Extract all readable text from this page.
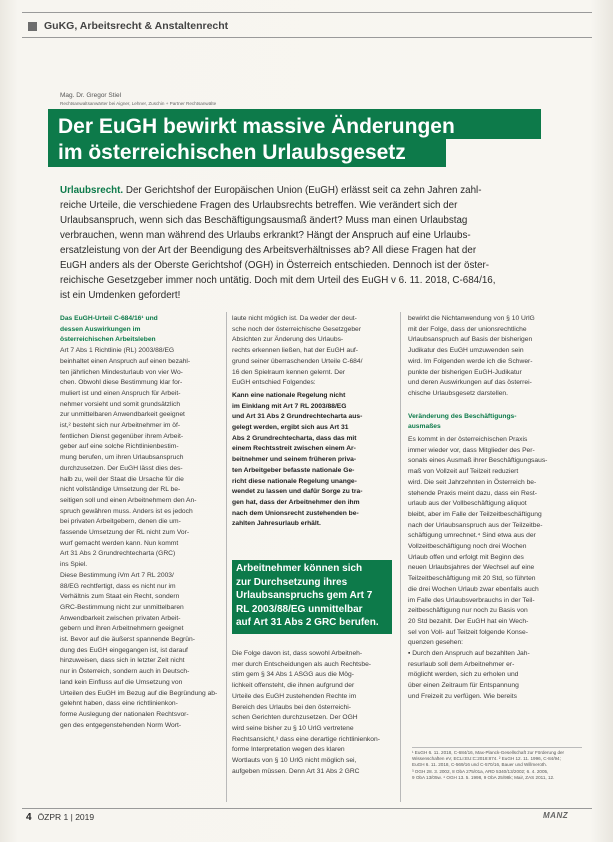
GuKG, Arbeitsrecht & Anstaltenrecht
Mag. Dr. Gregor Stiel
Rechtsanwaltsanwärter bei Aigner, Lehner, Zuschin + Partner Rechtsanwälte
Der EuGH bewirkt massive Änderungen
im österreichischen Urlaubsgesetz
Urlaubsrecht. Der Gerichtshof der Europäischen Union (EuGH) erlässt seit ca zehn Jahren zahl-
reiche Urteile, die verschiedene Fragen des Urlaubsrechts betreffen. Wie verändert sich der
Urlaubsanspruch, wenn sich das Beschäftigungsausmaß ändert? Muss man einen Urlaubstag
verbrauchen, wenn man während des Urlaubs erkrankt? Hängt der Anspruch auf eine Urlaubs-
ersatzleistung von der Art der Beendigung des Arbeitsverhältnisses ab? All diese Fragen hat der
EuGH anders als der Oberste Gerichtshof (OGH) in Österreich entschieden. Dennoch ist der öster-
reichische Gesetzgeber immer noch untätig. Doch mit dem Urteil des EuGH v 6. 11. 2018, C-684/16,
ist ein Umdenken gefordert!
Das EuGH-Urteil C-684/16¹ und
dessen Auswirkungen im
österreichischen Arbeitsleben
Art 7 Abs 1 Richtlinie (RL) 2003/88/EG
beinhaltet einen Anspruch auf einen bezahl-
ten jährlichen Mindesturlaub von vier Wo-
chen. Obwohl diese Bestimmung klar for-
muliert ist und einen Anspruch für Arbeit-
nehmer vorsieht und somit grundsätzlich
zur unmittelbaren Anwendbarkeit geeignet
ist,² besteht sich nur Arbeitnehmer im öf-
fentlichen Dienst gegenüber ihrem Arbeit-
geber auf eine solche Richtlinienbestim-
mung berufen, um ihren Urlaubsanspruch
durchzusetzen. Der EuGH lässt dies des-
halb zu, weil der Staat die Ursache für die
nicht vollständige Umsetzung der RL be-
seitigen soll und einen Arbeitnehmern den An-
spruch gewähren muss. Anders ist es jedoch
bei privaten Arbeitgebern, denen die um-
fassende Umsetzung der RL nicht zum Vor-
wurf gemacht werden kann. Nun kommt
Art 31 Abs 2 Grundrechtecharta (GRC)
ins Spiel.
Diese Bestimmung iVm Art 7 RL 2003/
88/EG rechtfertigt, dass es nicht nur im
Verhältnis zum Staat ein Recht, sondern
GRC-Bestimmung nicht zur unmittelbaren
Anwendbarkeit zwischen privaten Arbeit-
gebern und ihren Arbeitnehmern geeignet
ist. Bevor auf die äußerst spannende Begrün-
dung des EuGH eingegangen ist, ist darauf
hinzuweisen, dass sich in letzter Zeit nicht
nur in Österreich, sondern auch in Deutsch-
land kein Einfluss auf die Umsetzung von
Urteilen des EuGH im Bezug auf die Begründung ab-
gelehnt haben, dass eine richtlinienkon-
forme Auslegung der nationalen Rechtsvor-
gen des entgegenstehenden Norm Wort-
laute nicht möglich ist. Da weder der deut-
sche noch der österreichische Gesetzgeber
Absichten zur Änderung des Urlaubs-
rechts erkennen ließen, hat der EuGH auf-
grund seiner überraschenden Urteile C-684/
16 den Spielraum kennen gelernt. Der
EuGH entschied Folgendes:
Kann eine nationale Regelung nicht
im Einklang mit Art 7 RL 2003/88/EG
und Art 31 Abs 2 Grundrechtecharta aus-
gelegt werden, ergibt sich aus Art 31
Abs 2 Grundrechtecharta, dass das mit
einem Rechtsstreit zwischen einem Ar-
beitnehmer und seinem früheren priva-
ten Arbeitgeber befasste nationale Ge-
richt diese nationale Regelung unange-
wendet zu lassen und dafür Sorge zu tra-
gen hat, dass der Arbeitnehmer den ihm
nach dem Unionsrecht zustehenden be-
zahlten Jahresurlaub erhält.
Die Folge davon ist, dass sowohl Arbeitneh-
mer durch Entscheidungen als auch Rechtsbe-
stim gem § 34 Abs 1 ASGG aus die Mög-
lichkeit offensteht, die ihnen aufgrund der
Urteile des EuGH zustehenden Rechte im
Bereich des Urlaubs bei den österreichi-
schen Gerichten durchzusetzen. Der OGH
wird seine bisher zu § 10 UrlG vertretene
Rechtsansicht,³ dass eine derartige richtlinienkon-
forme Interpretation wegen des klaren
Wortlauts von § 10 UrlG nicht möglich sei,
aufgeben müssen. Denn Art 31 Abs 2 GRC
bewirkt die Nichtanwendung von § 10 UrlG
mit der Folge, dass der unionsrechtliche
Urlaubsanspruch auf Basis der bisherigen
Judikatur des EuGH umzuwenden sein
wird. Im Folgenden werde ich die Schwer-
punkte der bisherigen EuGH-Judikatur
und deren Auswirkungen auf das österrei-
chische Urlaubsgesetz darstellen.
Veränderung des Beschäftigungs-
ausmaßes
Es kommt in der österreichischen Praxis
immer wieder vor, dass Mitglieder des Per-
sonals eines Ausmaß ihrer Beschäftigungsaus-
maß von Vollzeit auf Teilzeit reduziert
wird. Die seit Jahrzehnten in Österreich be-
stehende Praxis meint dazu, dass ein Rest-
urlaub aus der Vollbeschäftigung aliquot
bleibt, aber im Falle der Teilzeitbeschäftigung
nach der Urlaubsanspruch aus der Teilzeitbe-
schäftigung umrechnet.⁴ Sind etwa aus der
Vollzeitbeschäftigung noch drei Wochen
Urlaub offen und erfolgt mit Beginn des
neuen Urlaubsjahres der Wechsel auf eine
Teilzeitbeschäftigung mit 20 Std, so führten
die drei Wochen Urlaub zwar ebenfalls auch
im Falle des Urlaubsverbrauchs in der Teil-
zeitbeschäftigung nur noch zu Basis von
20 Std bezahlt. Der EuGH hat ein Wech-
sel von Voll- auf Teilzeit folgende Konse-
quenzen gesehen:
▪ Durch den Anspruch auf bezahlten Jah-
resurlaub soll dem Arbeitnehmer er-
möglicht werden, sich zu erholen und
über einen Zeitraum für Entspannung
und Freizeit zu verfügen. Wie bereits
Arbeitnehmer können sich
zur Durchsetzung ihres
Urlaubsanspruchs gem Art 7
RL 2003/88/EG unmittelbar
auf Art 31 Abs 2 GRC berufen.
¹ EuGH 6. 11. 2018, C-684/16, Max-Planck-Gesellschaft zur Förderung der
Wissenschaften eV, ECLI:EU:C:2018:874. ² EuGH 12. 11. 1996, C-84/94;
EuGH 6. 11. 2018, C-569/16 und C-570/16, Bauer und Willmeroth.
³ OGH 28. 3. 2002, 8 ObA 275/01a, ARD 5340/13/2002; 6. 4. 2005,
9 ObA 13/05w. ⁴ OGH 13. 5. 1998, 9 ObA 25/98k; Mair, ZAS 2011, 12.
4 ÖZPR 1 | 2019	MANZ
